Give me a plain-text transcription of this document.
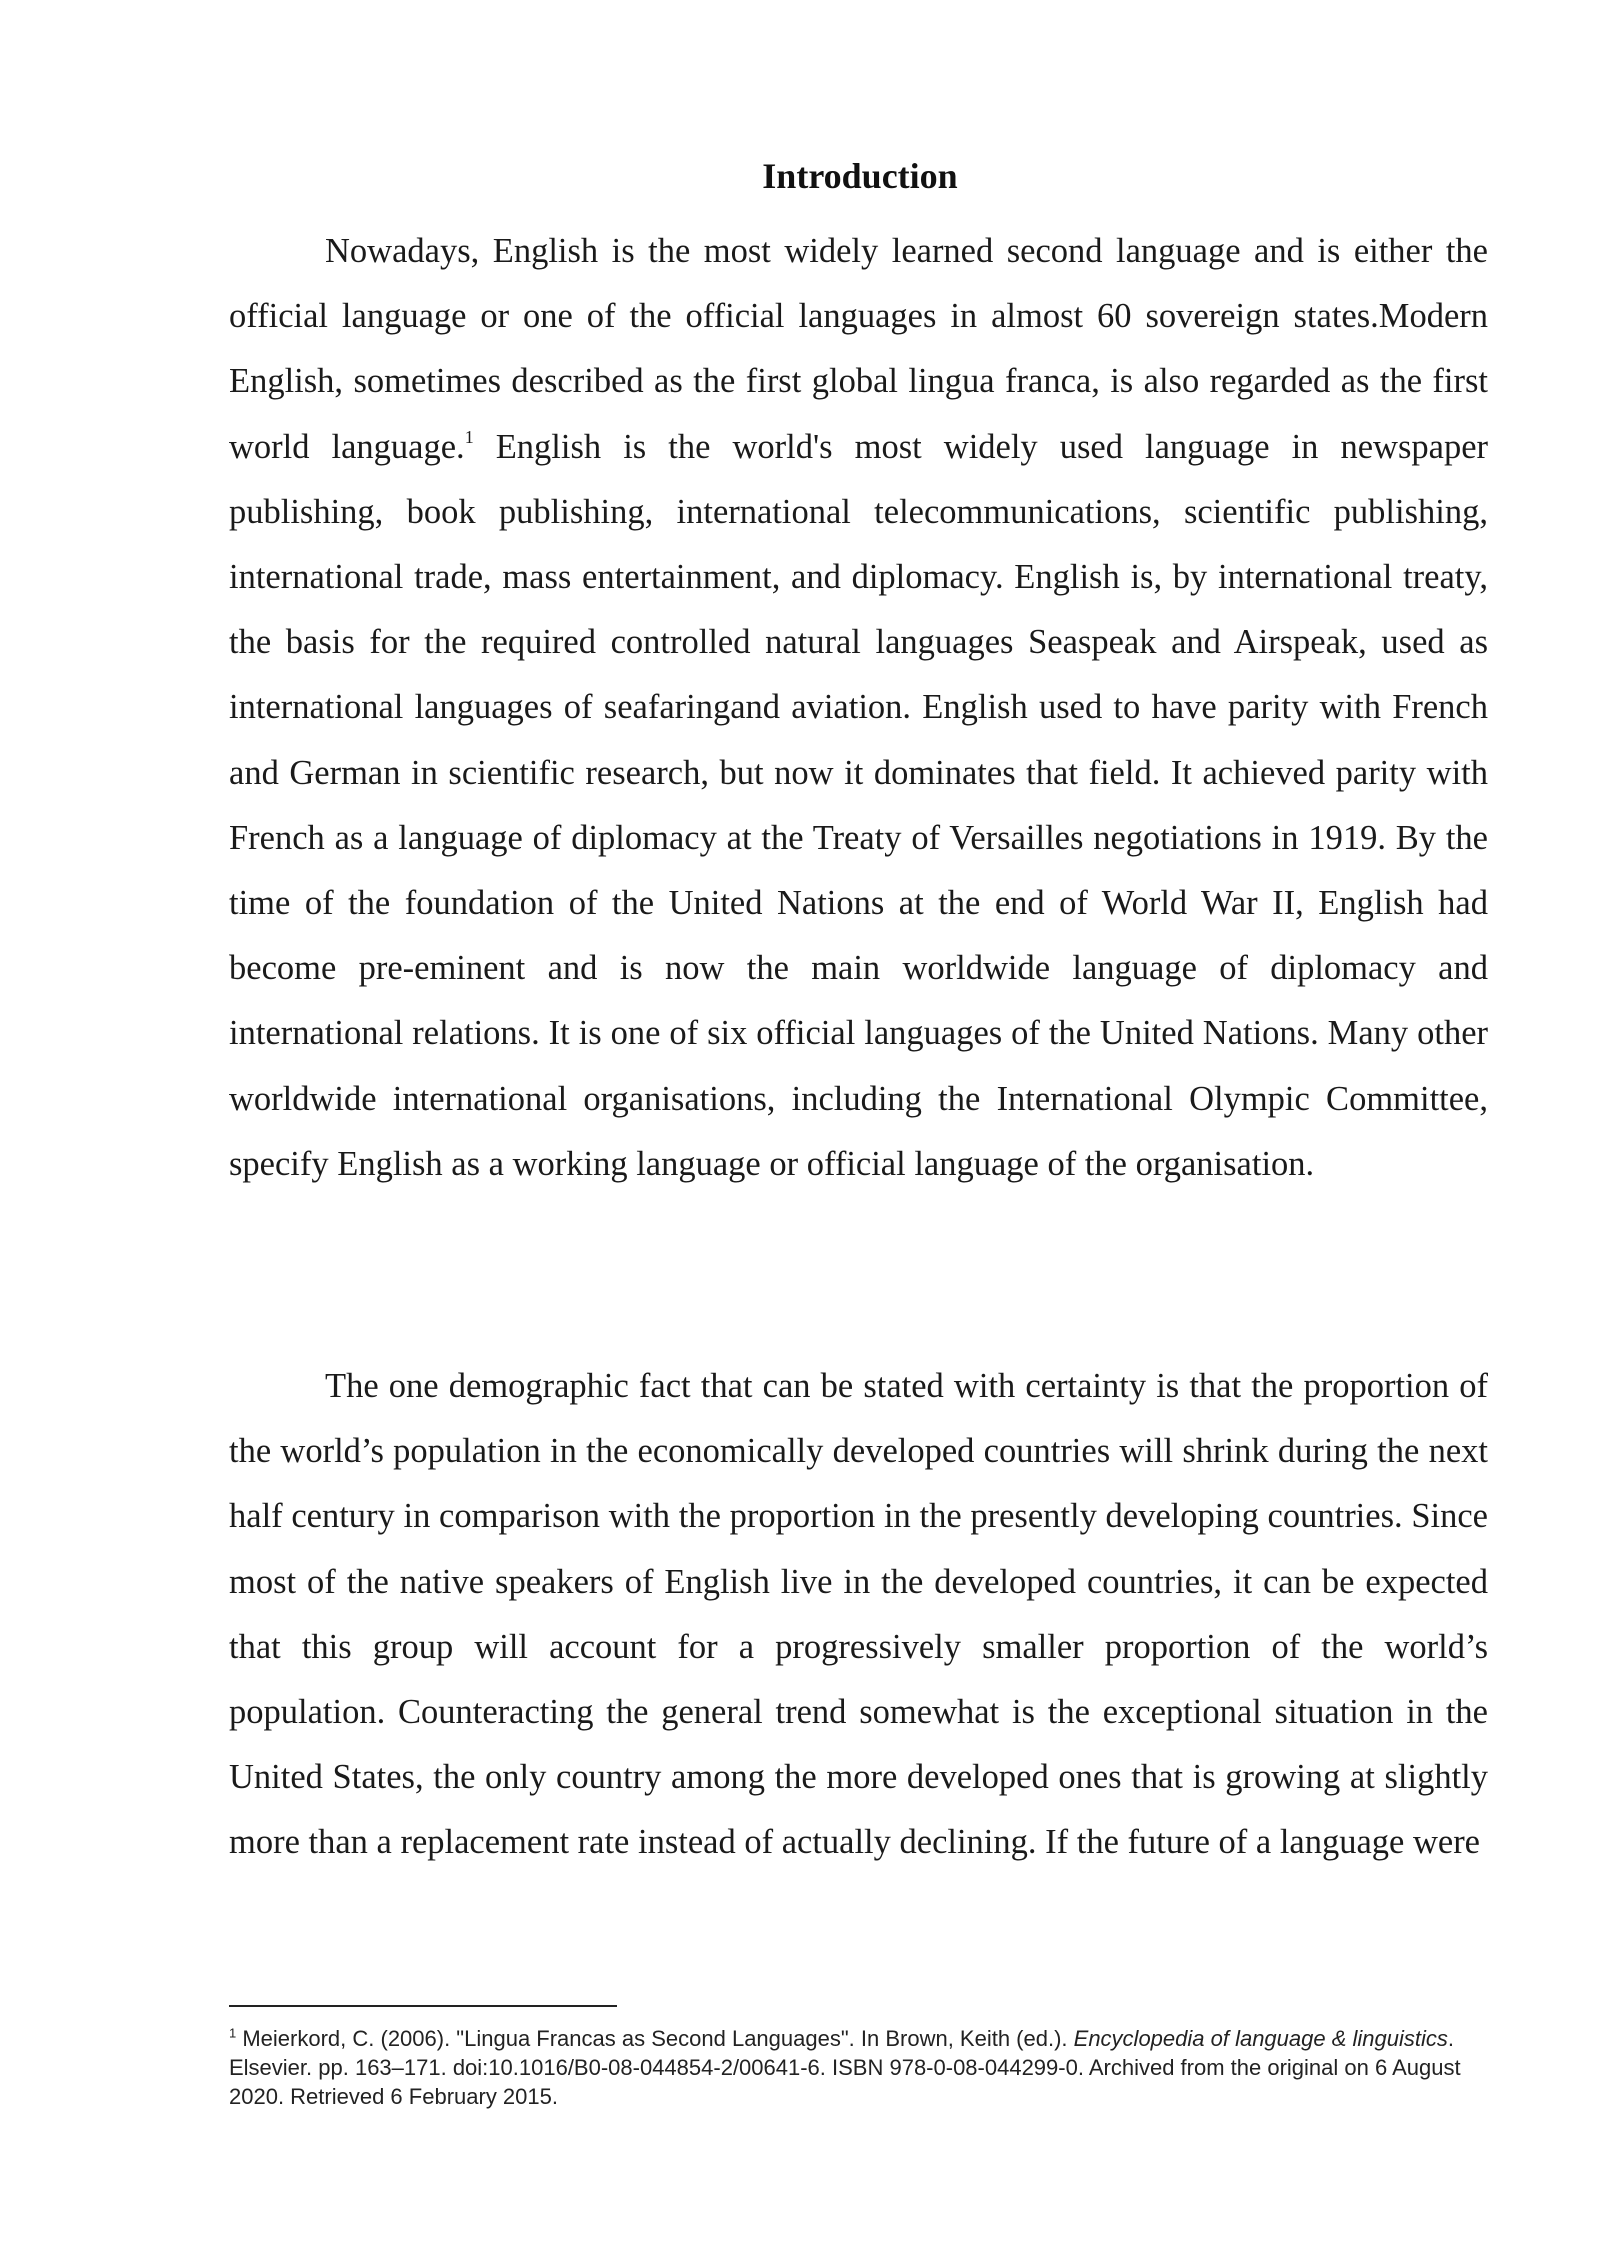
Introduction

Nowadays, English is the most widely learned second language and is either the official language or one of the official languages in almost 60 sovereign states.Modern English, sometimes described as the first global lingua franca, is also regarded as the first world language.$^1$ English is the world's most widely used language in newspaper publishing, book publishing, international telecommunications, scientific publishing, international trade, mass entertainment, and diplomacy. English is, by international treaty, the basis for the required controlled natural languages Seaspeak and Airspeak, used as international languages of seafaringand aviation. English used to have parity with French and German in scientific research, but now it dominates that field. It achieved parity with French as a language of diplomacy at the Treaty of Versailles negotiations in 1919. By the time of the foundation of the United Nations at the end of World War II, English had become pre-eminent and is now the main worldwide language of diplomacy and international relations. It is one of six official languages of the United Nations. Many other worldwide international organisations, including the International Olympic Committee, specify English as a working language or official language of the organisation.

The one demographic fact that can be stated with certainty is that the proportion of the world’s population in the economically developed countries will shrink during the next half century in comparison with the proportion in the presently developing countries. Since most of the native speakers of English live in the developed countries, it can be expected that this group will account for a progressively smaller proportion of the world’s population. Counteracting the general trend somewhat is the exceptional situation in the United States, the only country among the more developed ones that is growing at slightly more than a replacement rate instead of actually declining. If the future of a language were

$^1$ Meierkord, C. (2006). "Lingua Francas as Second Languages". In Brown, Keith (ed.). Encyclopedia of language & linguistics. Elsevier. pp. 163–171. doi:10.1016/B0-08-044854-2/00641-6. ISBN 978-0-08-044299-0. Archived from the original on 6 August 2020. Retrieved 6 February 2015.
